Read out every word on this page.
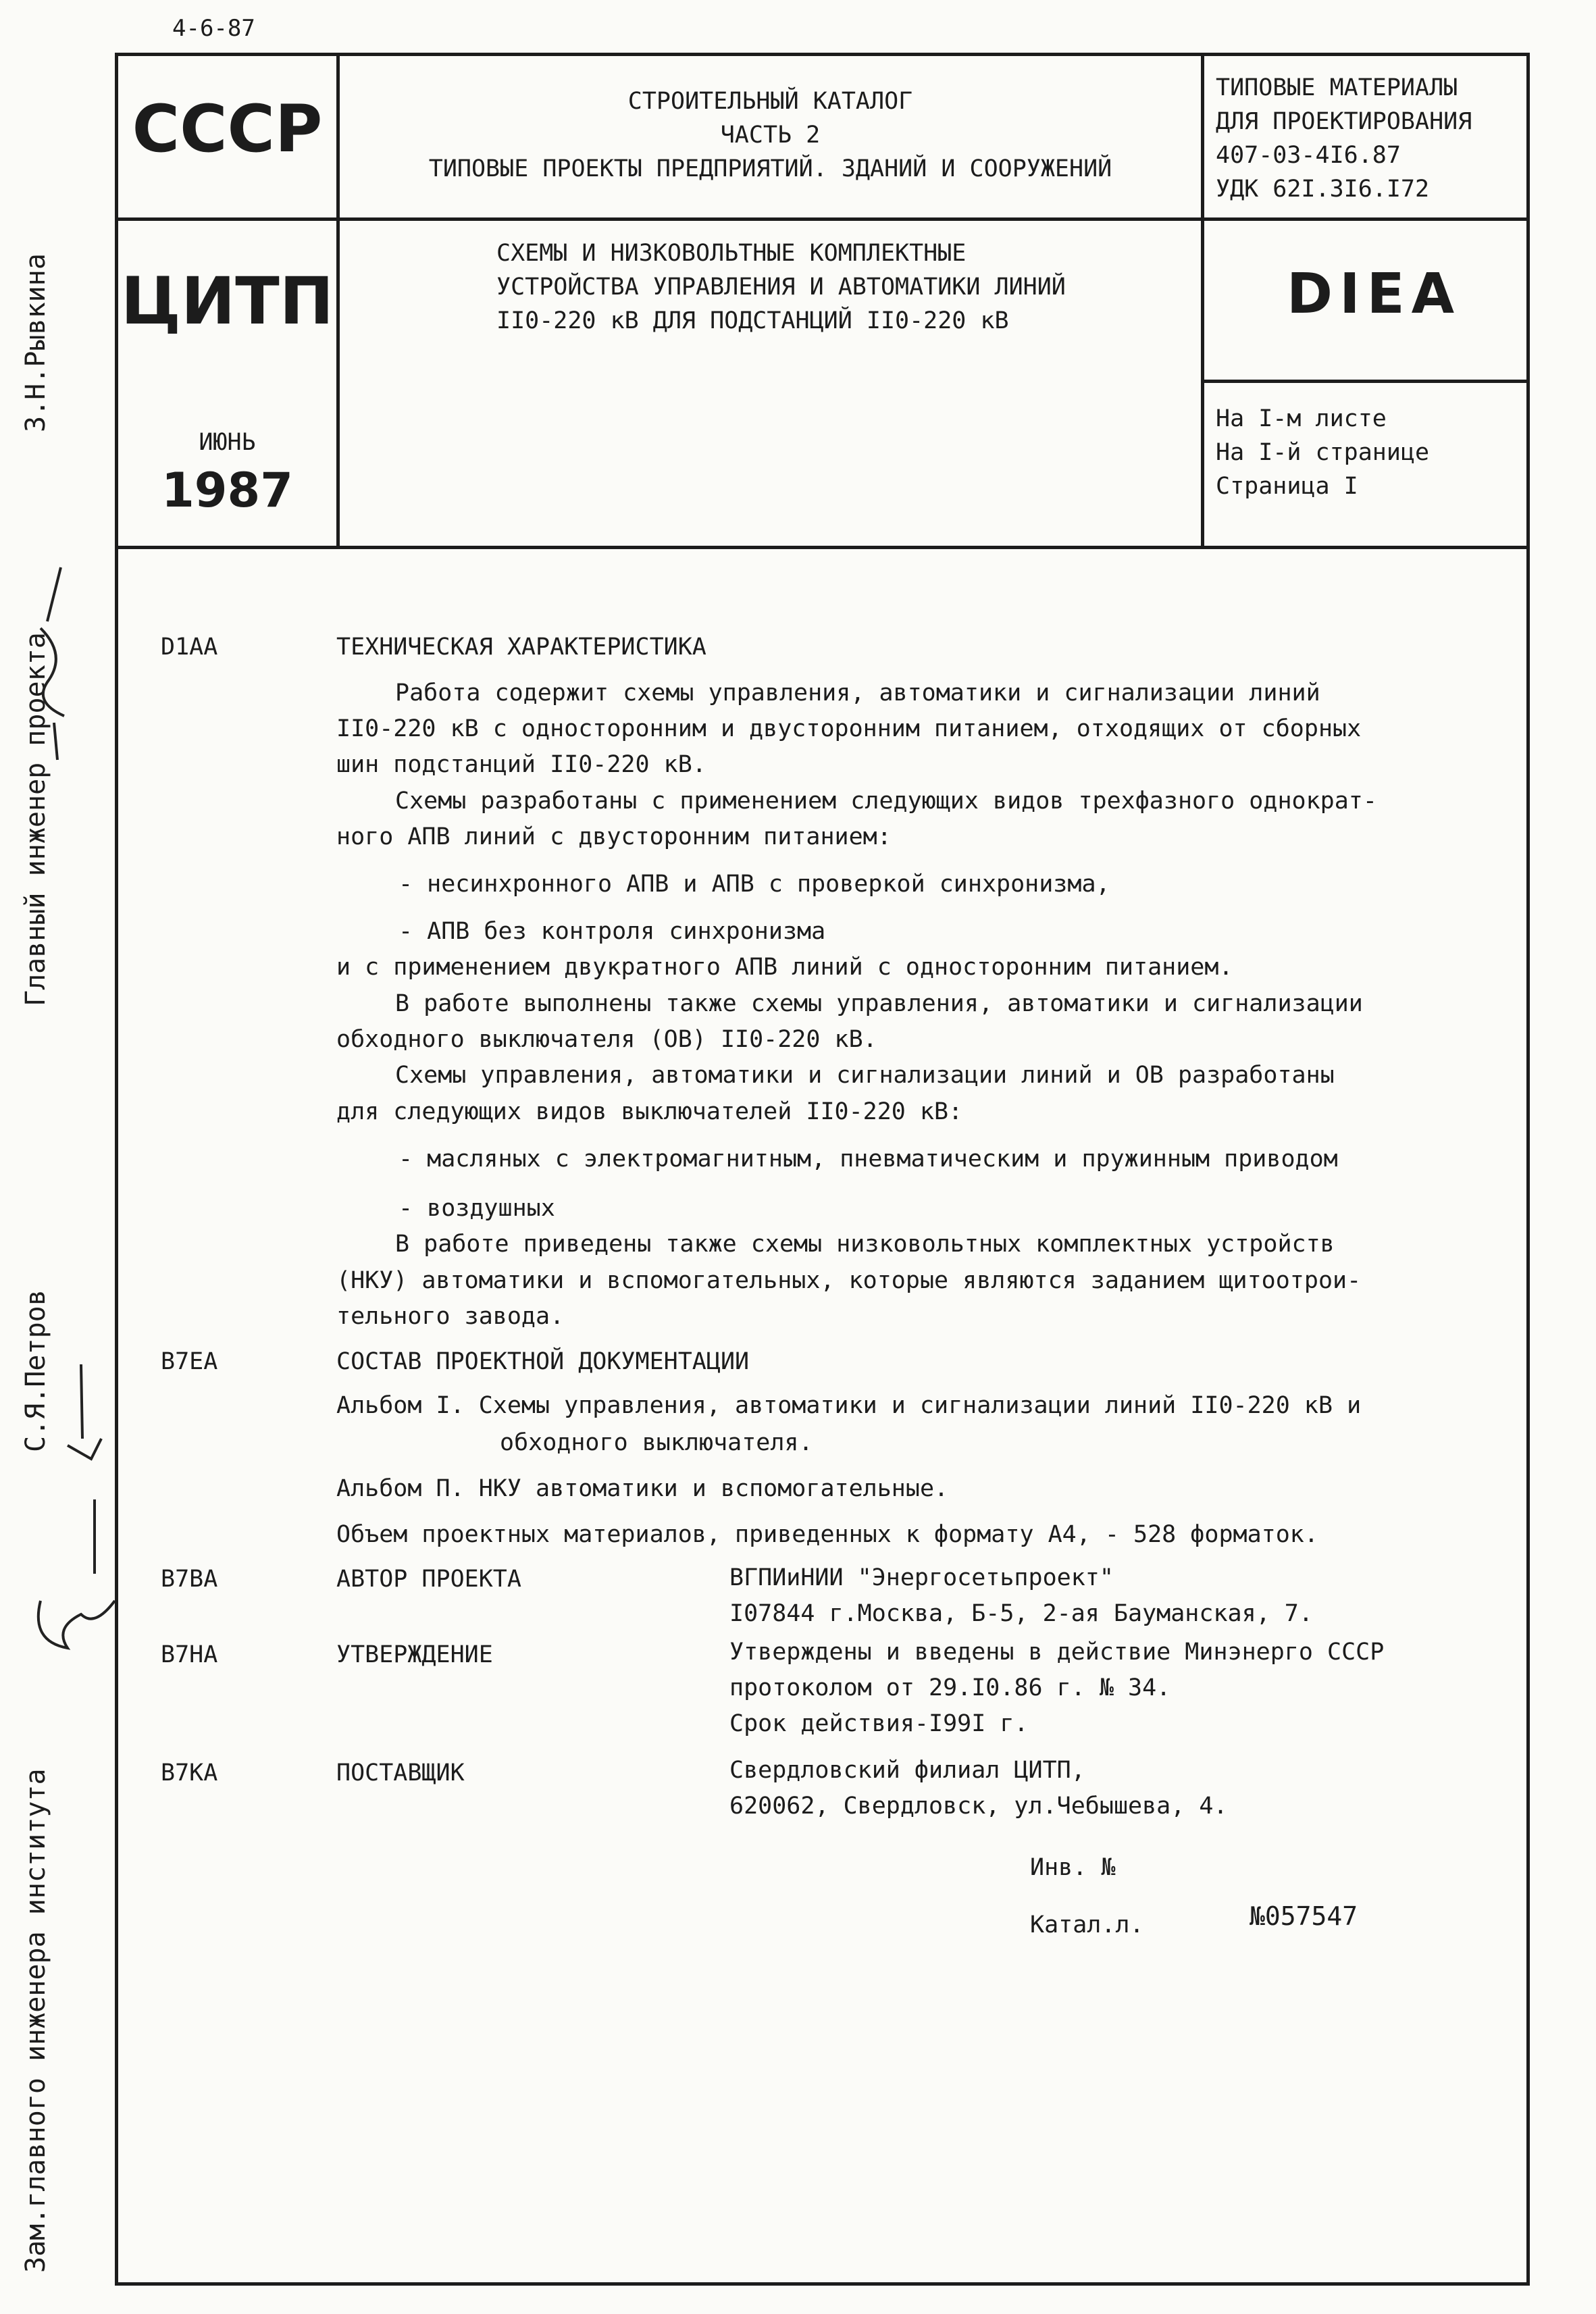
4-6-87
З.Н.Рывкина
Главный инженер проекта
С.Я.Петров
Зам.главного инженера института
СССР
ЦИТП
ИЮНЬ
1987
СТРОИТЕЛЬНЫЙ КАТАЛОГ
ЧАСТЬ 2
ТИПОВЫЕ ПРОЕКТЫ ПРЕДПРИЯТИЙ. ЗДАНИЙ И СООРУЖЕНИЙ
СХЕМЫ И НИЗКОВОЛЬТНЫЕ КОМПЛЕКТНЫЕ
УСТРОЙСТВА УПРАВЛЕНИЯ И АВТОМАТИКИ ЛИНИЙ
II0-220 кВ ДЛЯ ПОДСТАНЦИЙ II0-220 кВ
ТИПОВЫЕ МАТЕРИАЛЫ
ДЛЯ ПРОЕКТИРОВАНИЯ
407-03-4I6.87
УДК 62I.3I6.I72
DIEA
На I-м листе
На I-й странице
Страница I
D1AA	ТЕХНИЧЕСКАЯ ХАРАКТЕРИСТИКА
Работа содержит схемы управления, автоматики и сигнализации линий
II0-220 кВ с односторонним и двусторонним питанием, отходящих от сборных
шин подстанций II0-220 кВ.
Схемы разработаны с применением следующих видов трехфазного однократ-
ного АПВ линий с двусторонним питанием:
- несинхронного АПВ и АПВ с проверкой синхронизма,
- АПВ без контроля синхронизма
и с применением двукратного АПВ линий с односторонним питанием.
В работе выполнены также схемы управления, автоматики и сигнализации
обходного выключателя (ОВ) II0-220 кВ.
Схемы управления, автоматики и сигнализации линий и ОВ разработаны
для следующих видов выключателей II0-220 кВ:
- масляных с электромагнитным, пневматическим и пружинным приводом
- воздушных
В работе приведены также схемы низковольтных комплектных устройств
(НКУ) автоматики и вспомогательных, которые являются заданием щитоотрои-
тельного завода.
B7EA	СОСТАВ ПРОЕКТНОЙ ДОКУМЕНТАЦИИ
Альбом I. Схемы управления, автоматики и сигнализации линий II0-220 кВ и
обходного выключателя.
Альбом П. НКУ автоматики и вспомогательные.
Объем проектных материалов, приведенных к формату А4, - 528 форматок.
B7BA	АВТОР ПРОЕКТА	ВГПИиНИИ "Энергосетьпроект"
I07844 г.Москва, Б-5, 2-ая Бауманская, 7.
B7HA	УТВЕРЖДЕНИЕ	Утверждены и введены в действие Минэнерго СССР
протоколом от 29.I0.86 г. № 34.
Срок действия-I99I г.
B7KA	ПОСТАВЩИК	Свердловский филиал ЦИТП,
620062, Свердловск, ул.Чебышева, 4.
Инв. №
Катал.л.	№057547
